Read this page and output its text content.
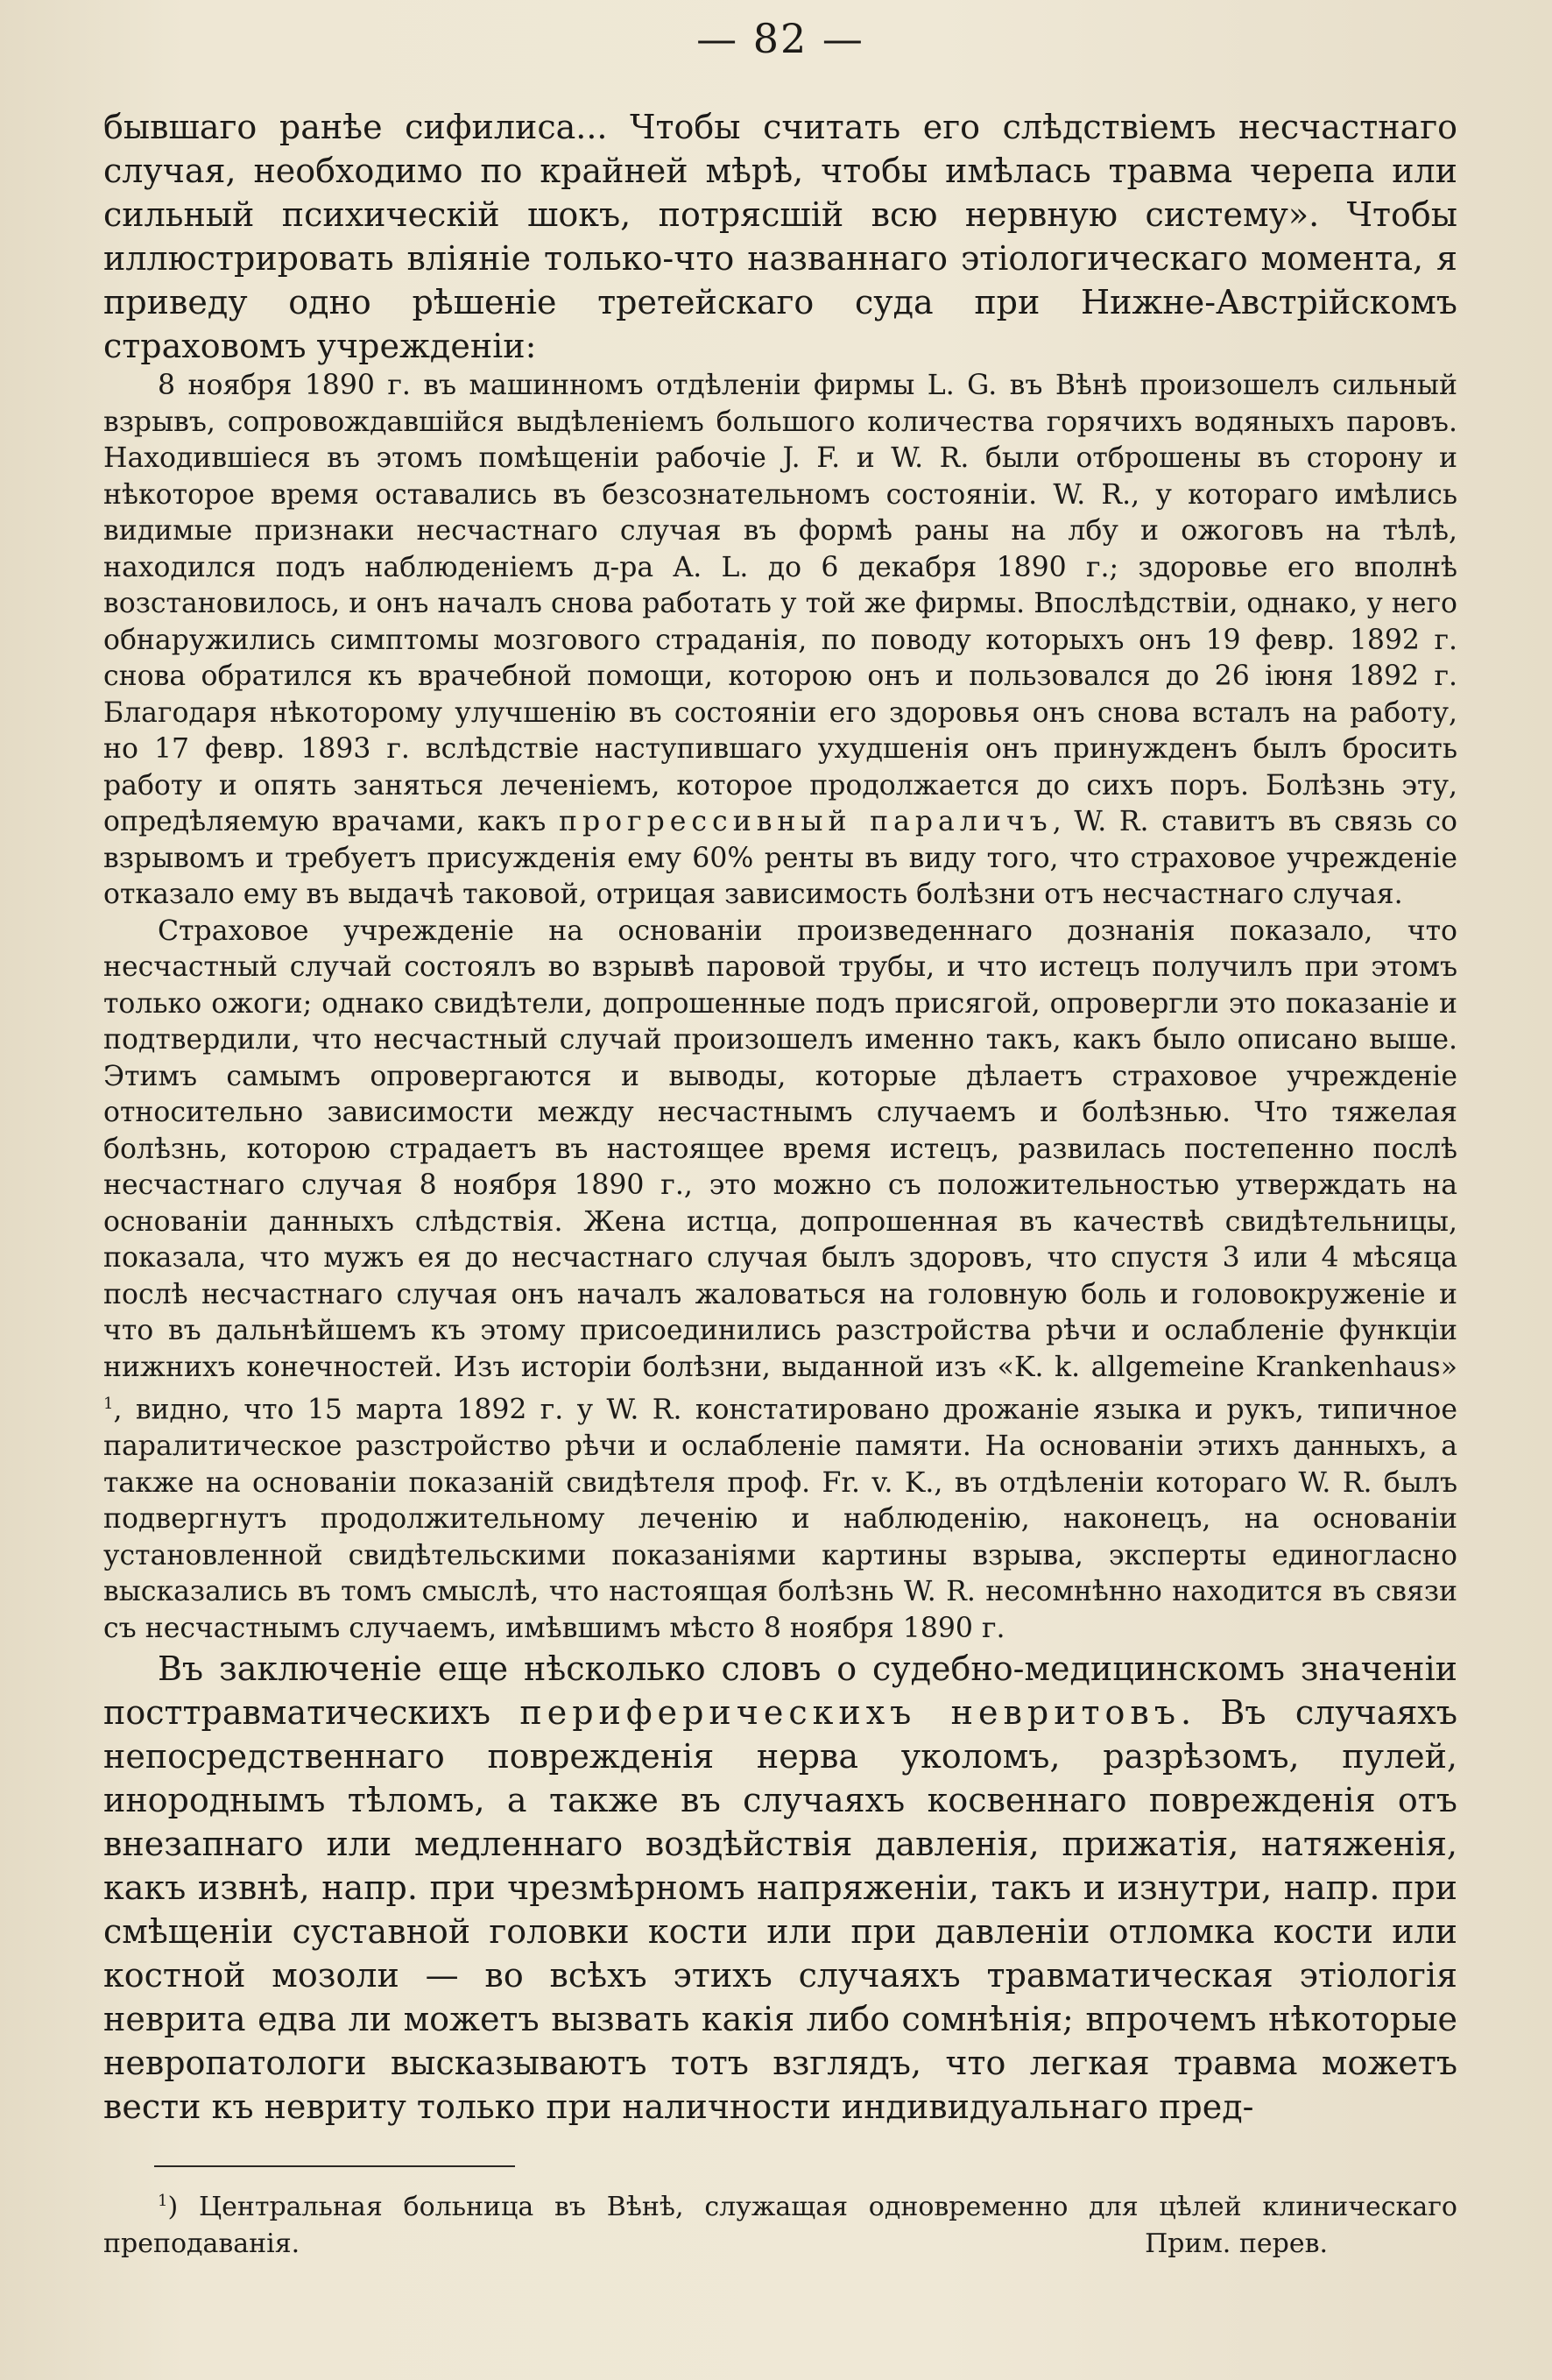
— 82 —

бывшаго ранѣе сифилиса... Чтобы считать его слѣдствіемъ несчастнаго случая, необходимо по крайней мѣрѣ, чтобы имѣлась травма черепа или сильный психическій шокъ, потрясшій всю нервную систему». Чтобы иллюстрировать вліяніе только-что названнаго этіологическаго момента, я приведу одно рѣшеніе третейскаго суда при Нижне-Австрійскомъ страховомъ учрежденіи:

8 ноября 1890 г. въ машинномъ отдѣленіи фирмы L. G. въ Вѣнѣ произошелъ сильный взрывъ, сопровождавшійся выдѣленіемъ большого количества горячихъ водяныхъ паровъ. Находившіеся въ этомъ помѣщеніи рабочіе J. F. и W. R. были отброшены въ сторону и нѣкоторое время оставались въ безсознательномъ состояніи. W. R., у котораго имѣлись видимые признаки несчастнаго случая въ формѣ раны на лбу и ожоговъ на тѣлѣ, находился подъ наблюденіемъ д-ра A. L. до 6 декабря 1890 г.; здоровье его вполнѣ возстановилось, и онъ началъ снова работать у той же фирмы. Впослѣдствіи, однако, у него обнаружились симптомы мозгового страданія, по поводу которыхъ онъ 19 февр. 1892 г. снова обратился къ врачебной помощи, которою онъ и пользовался до 26 іюня 1892 г. Благодаря нѣкоторому улучшенію въ состояніи его здоровья онъ снова всталъ на работу, но 17 февр. 1893 г. вслѣдствіе наступившаго ухудшенія онъ принужденъ былъ бросить работу и опять заняться леченіемъ, которое продолжается до сихъ поръ. Болѣзнь эту, опредѣляемую врачами, какъ прогрессивный параличъ, W. R. ставитъ въ связь со взрывомъ и требуетъ присужденія ему 60% ренты въ виду того, что страховое учрежденіе отказало ему въ выдачѣ таковой, отрицая зависимость болѣзни отъ несчастнаго случая.

Страховое учрежденіе на основаніи произведеннаго дознанія показало, что несчастный случай состоялъ во взрывѣ паровой трубы, и что истецъ получилъ при этомъ только ожоги; однако свидѣтели, допрошенные подъ присягой, опровергли это показаніе и подтвердили, что несчастный случай произошелъ именно такъ, какъ было описано выше. Этимъ самымъ опровергаются и выводы, которые дѣлаетъ страховое учрежденіе относительно зависимости между несчастнымъ случаемъ и болѣзнью. Что тяжелая болѣзнь, которою страдаетъ въ настоящее время истецъ, развилась постепенно послѣ несчастнаго случая 8 ноября 1890 г., это можно съ положительностью утверждать на основаніи данныхъ слѣдствія. Жена истца, допрошенная въ качествѣ свидѣтельницы, показала, что мужъ ея до несчастнаго случая былъ здоровъ, что спустя 3 или 4 мѣсяца послѣ несчастнаго случая онъ началъ жаловаться на головную боль и головокруженіе и что въ дальнѣйшемъ къ этому присоединились разстройства рѣчи и ослабленіе функціи нижнихъ конечностей. Изъ исторіи болѣзни, выданной изъ «K. k. allgemeine Krankenhaus» $^1$, видно, что 15 марта 1892 г. у W. R. констатировано дрожаніе языка и рукъ, типичное паралитическое разстройство рѣчи и ослабленіе памяти. На основаніи этихъ данныхъ, а также на основаніи показаній свидѣтеля проф. Fr. v. K., въ отдѣленіи котораго W. R. былъ подвергнутъ продолжительному леченію и наблюденію, наконецъ, на основаніи установленной свидѣтельскими показаніями картины взрыва, эксперты единогласно высказались въ томъ смыслѣ, что настоящая болѣзнь W. R. несомнѣнно находится въ связи съ несчастнымъ случаемъ, имѣвшимъ мѣсто 8 ноября 1890 г.

Въ заключеніе еще нѣсколько словъ о судебно-медицинскомъ значеніи посттравматическихъ периферическихъ невритовъ. Въ случаяхъ непосредственнаго поврежденія нерва уколомъ, разрѣзомъ, пулей, инороднымъ тѣломъ, а также въ случаяхъ косвеннаго поврежденія отъ внезапнаго или медленнаго воздѣйствія давленія, прижатія, натяженія, какъ извнѣ, напр. при чрезмѣрномъ напряженіи, такъ и изнутри, напр. при смѣщеніи суставной головки кости или при давленіи отломка кости или костной мозоли — во всѣхъ этихъ случаяхъ травматическая этіологія неврита едва ли можетъ вызвать какія либо сомнѣнія; впрочемъ нѣкоторые невропатологи высказываютъ тотъ взглядъ, что легкая травма можетъ вести къ невриту только при наличности индивидуальнаго пред-

$^1$) Центральная больница въ Вѣнѣ, служащая одновременно для цѣлей клиническаго преподаванія.	Прим. перев.
